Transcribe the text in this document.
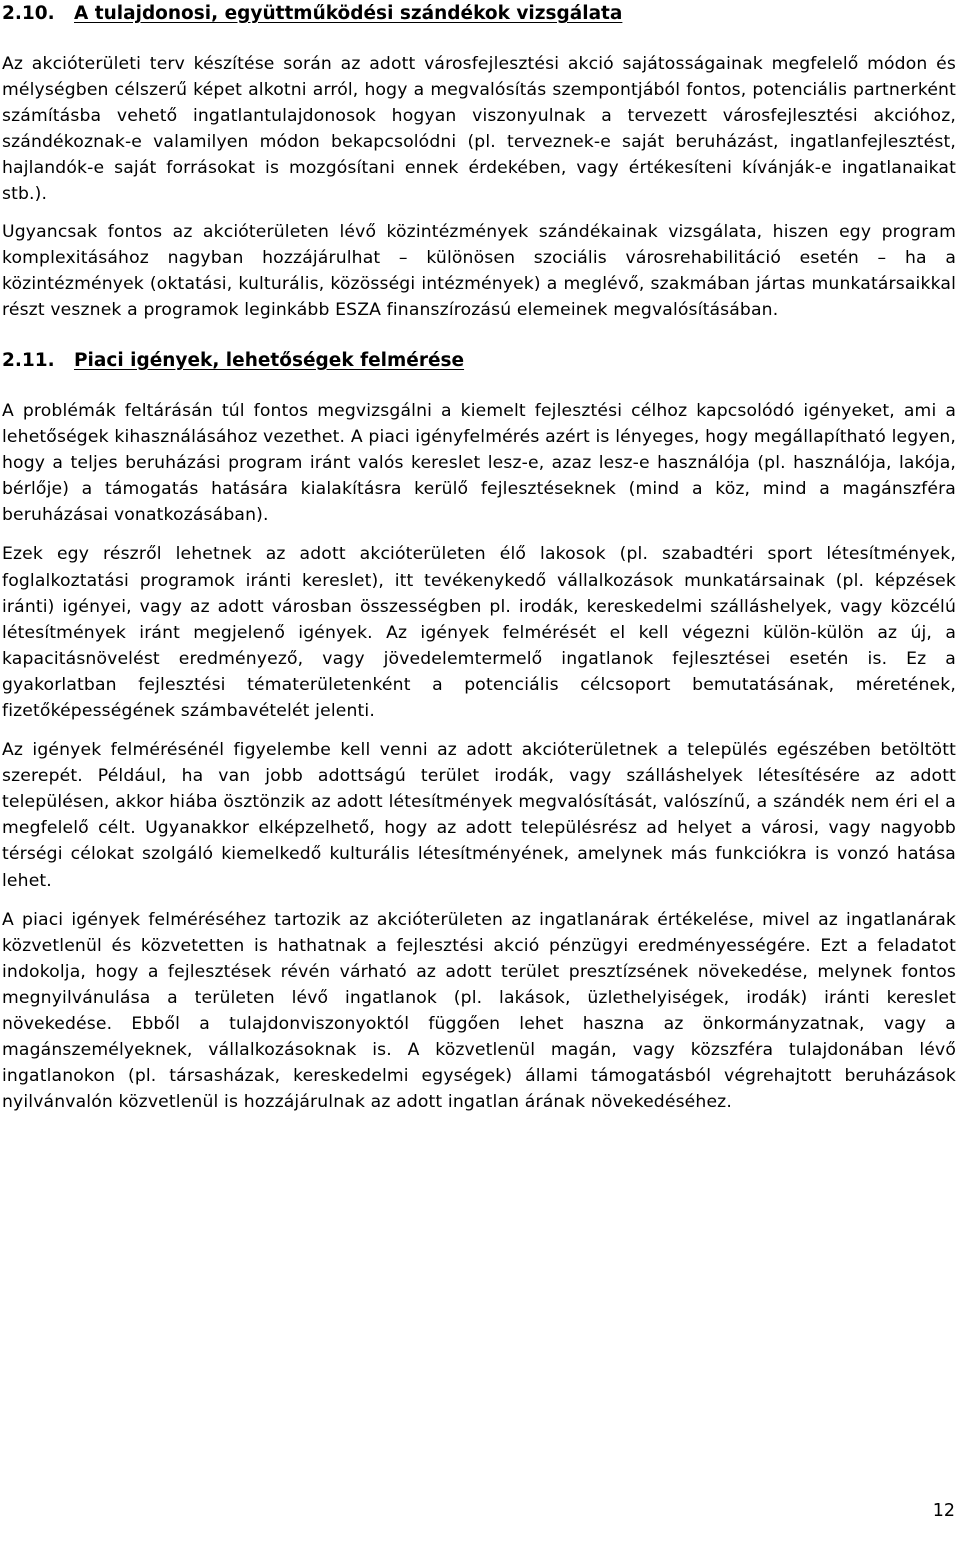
2.10. A tulajdonosi, együttműködési szándékok vizsgálata

Az akcióterületi terv készítése során az adott városfejlesztési akció sajátosságainak megfelelő módon és mélységben célszerű képet alkotni arról, hogy a megvalósítás szempontjából fontos, potenciális partnerként számításba vehető ingatlantulajdonosok hogyan viszonyulnak a tervezett városfejlesztési akcióhoz, szándékoznak-e valamilyen módon bekapcsolódni (pl. terveznek-e saját beruházást, ingatlanfejlesztést, hajlandók-e saját forrásokat is mozgósítani ennek érdekében, vagy értékesíteni kívánják-e ingatlanaikat stb.).

Ugyancsak fontos az akcióterületen lévő közintézmények szándékainak vizsgálata, hiszen egy program komplexitásához nagyban hozzájárulhat – különösen szociális városrehabilitáció esetén – ha a közintézmények (oktatási, kulturális, közösségi intézmények) a meglévő, szakmában jártas munkatársaikkal részt vesznek a programok leginkább ESZA finanszírozású elemeinek megvalósításában.

2.11. Piaci igények, lehetőségek felmérése

A problémák feltárásán túl fontos megvizsgálni a kiemelt fejlesztési célhoz kapcsolódó igényeket, ami a lehetőségek kihasználásához vezethet. A piaci igényfelmérés azért is lényeges, hogy megállapítható legyen, hogy a teljes beruházási program iránt valós kereslet lesz-e, azaz lesz-e használója (pl. használója, lakója, bérlője) a támogatás hatására kialakításra kerülő fejlesztéseknek (mind a köz, mind a magánszféra beruházásai vonatkozásában).

Ezek egy részről lehetnek az adott akcióterületen élő lakosok (pl. szabadtéri sport létesítmények, foglalkoztatási programok iránti kereslet), itt tevékenykedő vállalkozások munkatársainak (pl. képzések iránti) igényei, vagy az adott városban összességben pl. irodák, kereskedelmi szálláshelyek, vagy közcélú létesítmények iránt megjelenő igények. Az igények felmérését el kell végezni külön-külön az új, a kapacitásnövelést eredményező, vagy jövedelemtermelő ingatlanok fejlesztései esetén is. Ez a gyakorlatban fejlesztési tématerületenként a potenciális célcsoport bemutatásának, méretének, fizetőképességének számbavételét jelenti.

Az igények felmérésénél figyelembe kell venni az adott akcióterületnek a település egészében betöltött szerepét. Például, ha van jobb adottságú terület irodák, vagy szálláshelyek létesítésére az adott településen, akkor hiába ösztönzik az adott létesítmények megvalósítását, valószínű, a szándék nem éri el a megfelelő célt. Ugyanakkor elképzelhető, hogy az adott településrész ad helyet a városi, vagy nagyobb térségi célokat szolgáló kiemelkedő kulturális létesítményének, amelynek más funkciókra is vonzó hatása lehet.

A piaci igények felméréséhez tartozik az akcióterületen az ingatlanárak értékelése, mivel az ingatlanárak közvetlenül és közvetetten is hathatnak a fejlesztési akció pénzügyi eredményességére. Ezt a feladatot indokolja, hogy a fejlesztések révén várható az adott terület presztízsének növekedése, melynek fontos megnyilvánulása a területen lévő ingatlanok (pl. lakások, üzlethelyiségek, irodák) iránti kereslet növekedése. Ebből a tulajdonviszonyoktól függően lehet haszna az önkormányzatnak, vagy a magánszemélyeknek, vállalkozásoknak is. A közvetlenül magán, vagy közszféra tulajdonában lévő ingatlanokon (pl. társasházak, kereskedelmi egységek) állami támogatásból végrehajtott beruházások nyilvánvalón közvetlenül is hozzájárulnak az adott ingatlan árának növekedéséhez.

12
